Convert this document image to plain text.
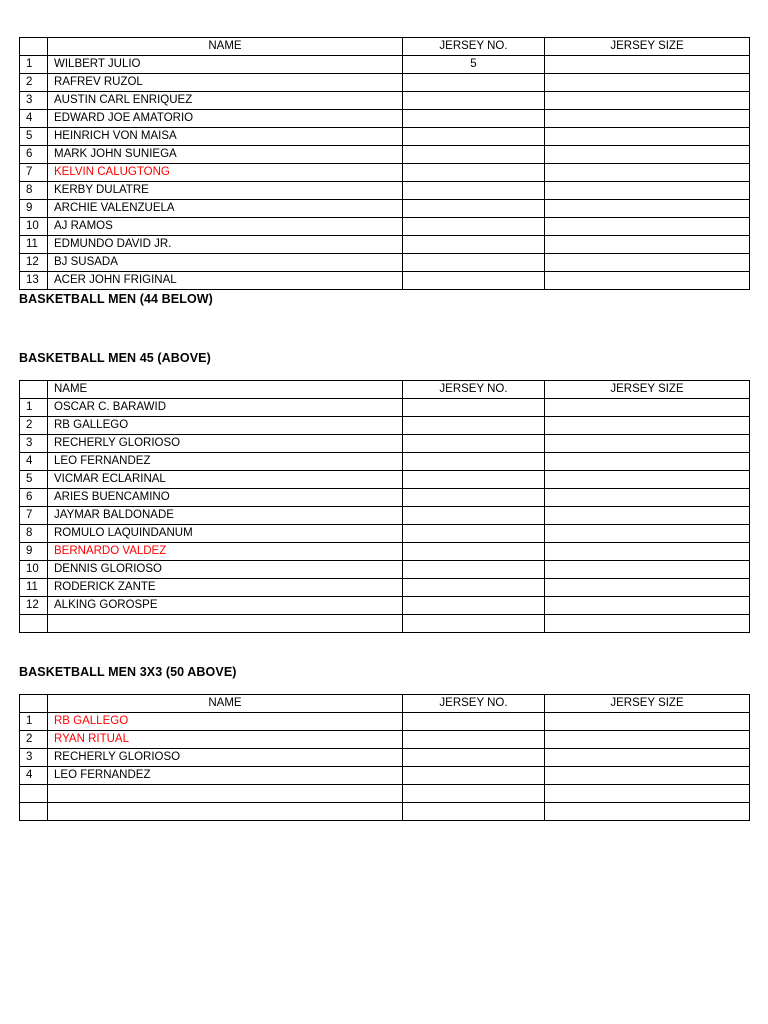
	NAME	JERSEY NO.	JERSEY SIZE
1	WILBERT JULIO	5	
2	RAFREV RUZOL		
3	AUSTIN CARL ENRIQUEZ		
4	EDWARD JOE AMATORIO		
5	HEINRICH VON MAISA		
6	MARK JOHN SUNIEGA		
7	KELVIN CALUGTONG		
8	KERBY DULATRE		
9	ARCHIE VALENZUELA		
10	AJ RAMOS		
11	EDMUNDO DAVID JR.		
12	BJ SUSADA		
13	ACER JOHN FRIGINAL		
BASKETBALL MEN (44 BELOW)
BASKETBALL MEN 45 (ABOVE)
	NAME	JERSEY NO.	JERSEY SIZE
1	OSCAR C. BARAWID		
2	RB GALLEGO		
3	RECHERLY GLORIOSO		
4	LEO FERNANDEZ		
5	VICMAR ECLARINAL		
6	ARIES BUENCAMINO		
7	JAYMAR BALDONADE		
8	ROMULO LAQUINDANUM		
9	BERNARDO VALDEZ		
10	DENNIS GLORIOSO		
11	RODERICK ZANTE		
12	ALKING GOROSPE		

BASKETBALL MEN 3X3 (50 ABOVE)
	NAME	JERSEY NO.	JERSEY SIZE
1	RB GALLEGO		
2	RYAN RITUAL		
3	RECHERLY GLORIOSO		
4	LEO FERNANDEZ		
